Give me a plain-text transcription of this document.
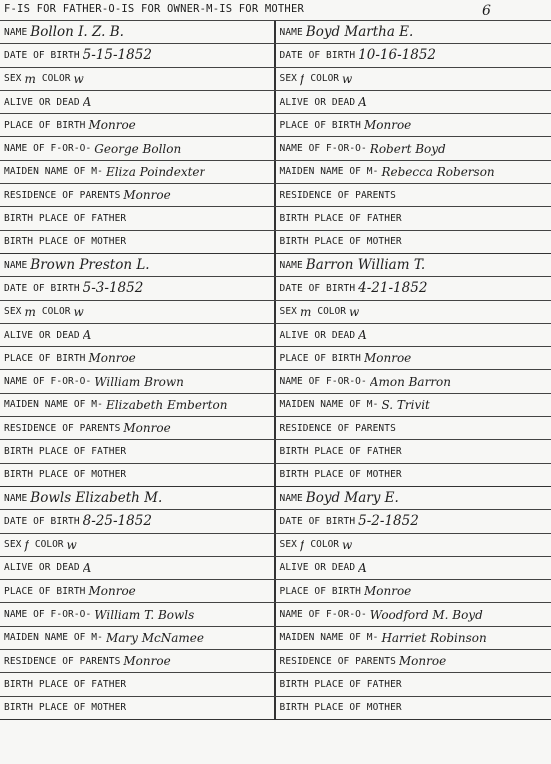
F-IS FOR FATHER-O-IS FOR OWNER-M-IS FOR MOTHER	6
NAME Bollon I. Z. B.	NAME Boyd Martha E.
DATE OF BIRTH 5-15-1852	DATE OF BIRTH 10-16-1852
SEX m COLOR w	SEX f COLOR w
ALIVE OR DEAD A	ALIVE OR DEAD A
PLACE OF BIRTH Monroe	PLACE OF BIRTH Monroe
NAME OF F-OR-O- George Bollon	NAME OF F-OR-O- Robert Boyd
MAIDEN NAME OF M- Eliza Poindexter	MAIDEN NAME OF M- Rebecca Roberson
RESIDENCE OF PARENTS Monroe	RESIDENCE OF PARENTS
BIRTH PLACE OF FATHER	BIRTH PLACE OF FATHER
BIRTH PLACE OF MOTHER	BIRTH PLACE OF MOTHER
NAME Brown Preston L.	NAME Barron William T.
DATE OF BIRTH 5-3-1852	DATE OF BIRTH 4-21-1852
SEX m COLOR w	SEX m COLOR w
ALIVE OR DEAD A	ALIVE OR DEAD A
PLACE OF BIRTH Monroe	PLACE OF BIRTH Monroe
NAME OF F-OR-O- William Brown	NAME OF F-OR-O- Amon Barron
MAIDEN NAME OF M- Elizabeth Emberton	MAIDEN NAME OF M- S. Trivit
RESIDENCE OF PARENTS Monroe	RESIDENCE OF PARENTS
BIRTH PLACE OF FATHER	BIRTH PLACE OF FATHER
BIRTH PLACE OF MOTHER	BIRTH PLACE OF MOTHER
NAME Bowls Elizabeth M.	NAME Boyd Mary E.
DATE OF BIRTH 8-25-1852	DATE OF BIRTH 5-2-1852
SEX f COLOR w	SEX f COLOR w
ALIVE OR DEAD A	ALIVE OR DEAD A
PLACE OF BIRTH Monroe	PLACE OF BIRTH Monroe
NAME OF F-OR-O- William T. Bowls	NAME OF F-OR-O- Woodford M. Boyd
MAIDEN NAME OF M- Mary McNamee	MAIDEN NAME OF M- Harriet Robinson
RESIDENCE OF PARENTS Monroe	RESIDENCE OF PARENTS Monroe
BIRTH PLACE OF FATHER	BIRTH PLACE OF FATHER
BIRTH PLACE OF MOTHER	BIRTH PLACE OF MOTHER
